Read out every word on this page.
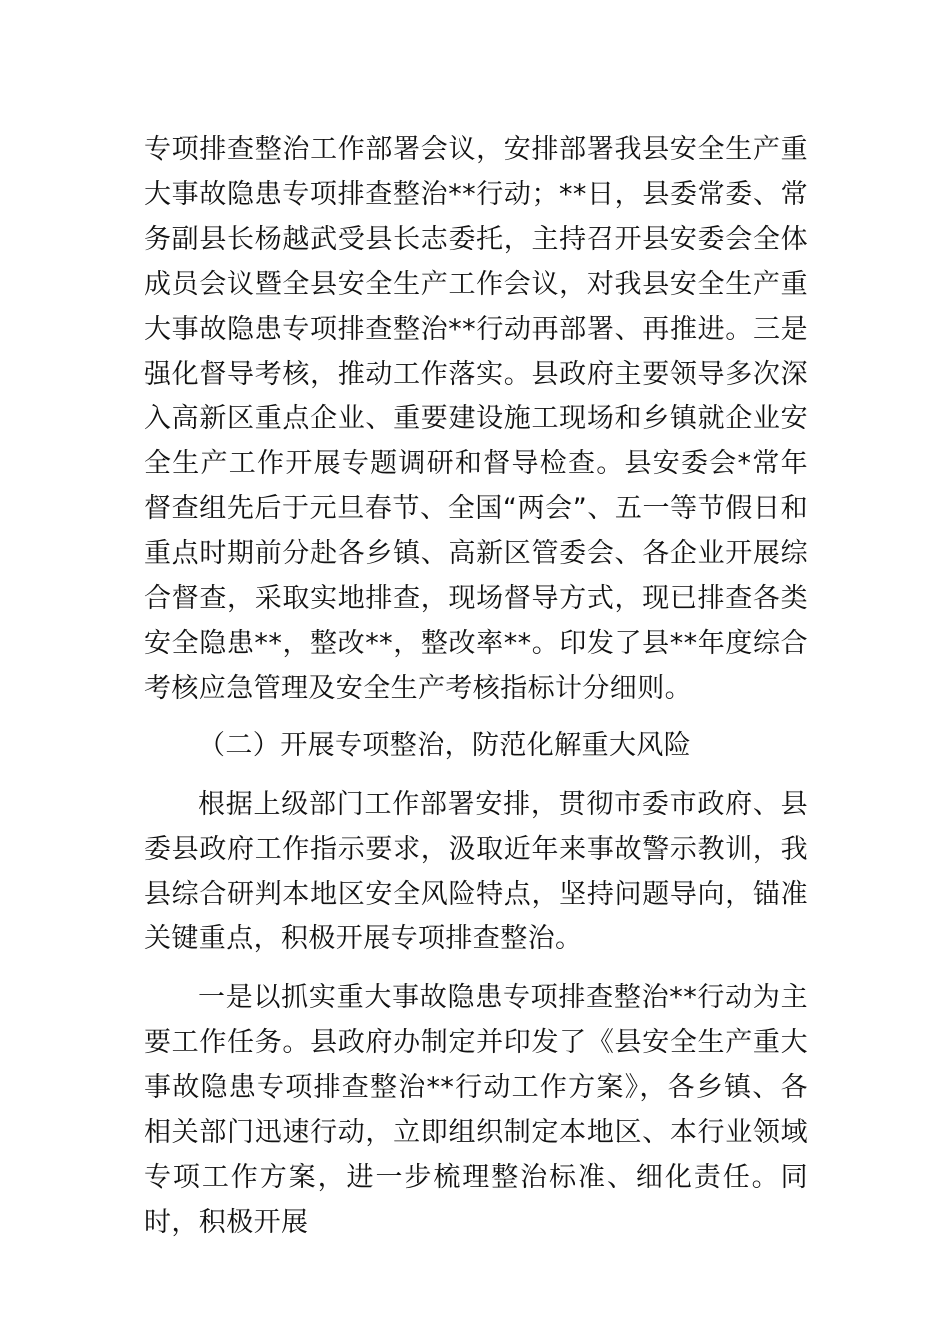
专项排查整治工作部署会议，安排部署我县安全生产重大事故隐患专项排查整治**行动；**日，县委常委、常务副县长杨越武受县长志委托，主持召开县安委会全体成员会议暨全县安全生产工作会议，对我县安全生产重大事故隐患专项排查整治**行动再部署、再推进。三是强化督导考核，推动工作落实。县政府主要领导多次深入高新区重点企业、重要建设施工现场和乡镇就企业安全生产工作开展专题调研和督导检查。县安委会*常年督查组先后于元旦春节、全国“两会”、五一等节假日和重点时期前分赴各乡镇、高新区管委会、各企业开展综合督查，采取实地排查，现场督导方式，现已排查各类安全隐患**，整改**，整改率**。印发了县**年度综合考核应急管理及安全生产考核指标计分细则。

（二）开展专项整治，防范化解重大风险

根据上级部门工作部署安排，贯彻市委市政府、县委县政府工作指示要求，汲取近年来事故警示教训，我县综合研判本地区安全风险特点，坚持问题导向，锚准关键重点，积极开展专项排查整治。

一是以抓实重大事故隐患专项排查整治**行动为主要工作任务。县政府办制定并印发了《县安全生产重大事故隐患专项排查整治**行动工作方案》，各乡镇、各相关部门迅速行动，立即组织制定本地区、本行业领域专项工作方案，进一步梳理整治标准、细化责任。同时，积极开展
